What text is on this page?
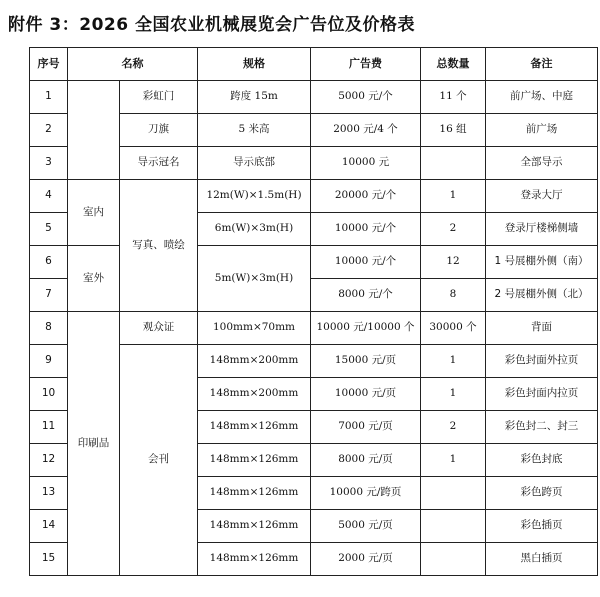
附件 3：2026 全国农业机械展览会广告位及价格表
序号	名称		规格	广告费	总数量	备注
1		彩虹门	跨度 15m	5000 元/个	11 个	前广场、中庭
2		刀旗	5 米高	2000 元/4 个	16 组	前广场
3		导示冠名	导示底部	10000 元		全部导示
4	室内	写真、喷绘	12m(W)×1.5m(H)	20000 元/个	1	登录大厅
5			6m(W)×3m(H)	10000 元/个	2	登录厅楼梯侧墙
6	室外		5m(W)×3m(H)	10000 元/个	12	1 号展棚外侧（南）
7				8000 元/个	8	2 号展棚外侧（北）
8	印刷品	观众证	100mm×70mm	10000 元/10000 个	30000 个	背面
9		会刊	148mm×200mm	15000 元/页	1	彩色封面外拉页
10			148mm×200mm	10000 元/页	1	彩色封面内拉页
11			148mm×126mm	7000 元/页	2	彩色封二、封三
12			148mm×126mm	8000 元/页	1	彩色封底
13			148mm×126mm	10000 元/跨页		彩色跨页
14			148mm×126mm	5000 元/页		彩色插页
15			148mm×126mm	2000 元/页		黑白插页
